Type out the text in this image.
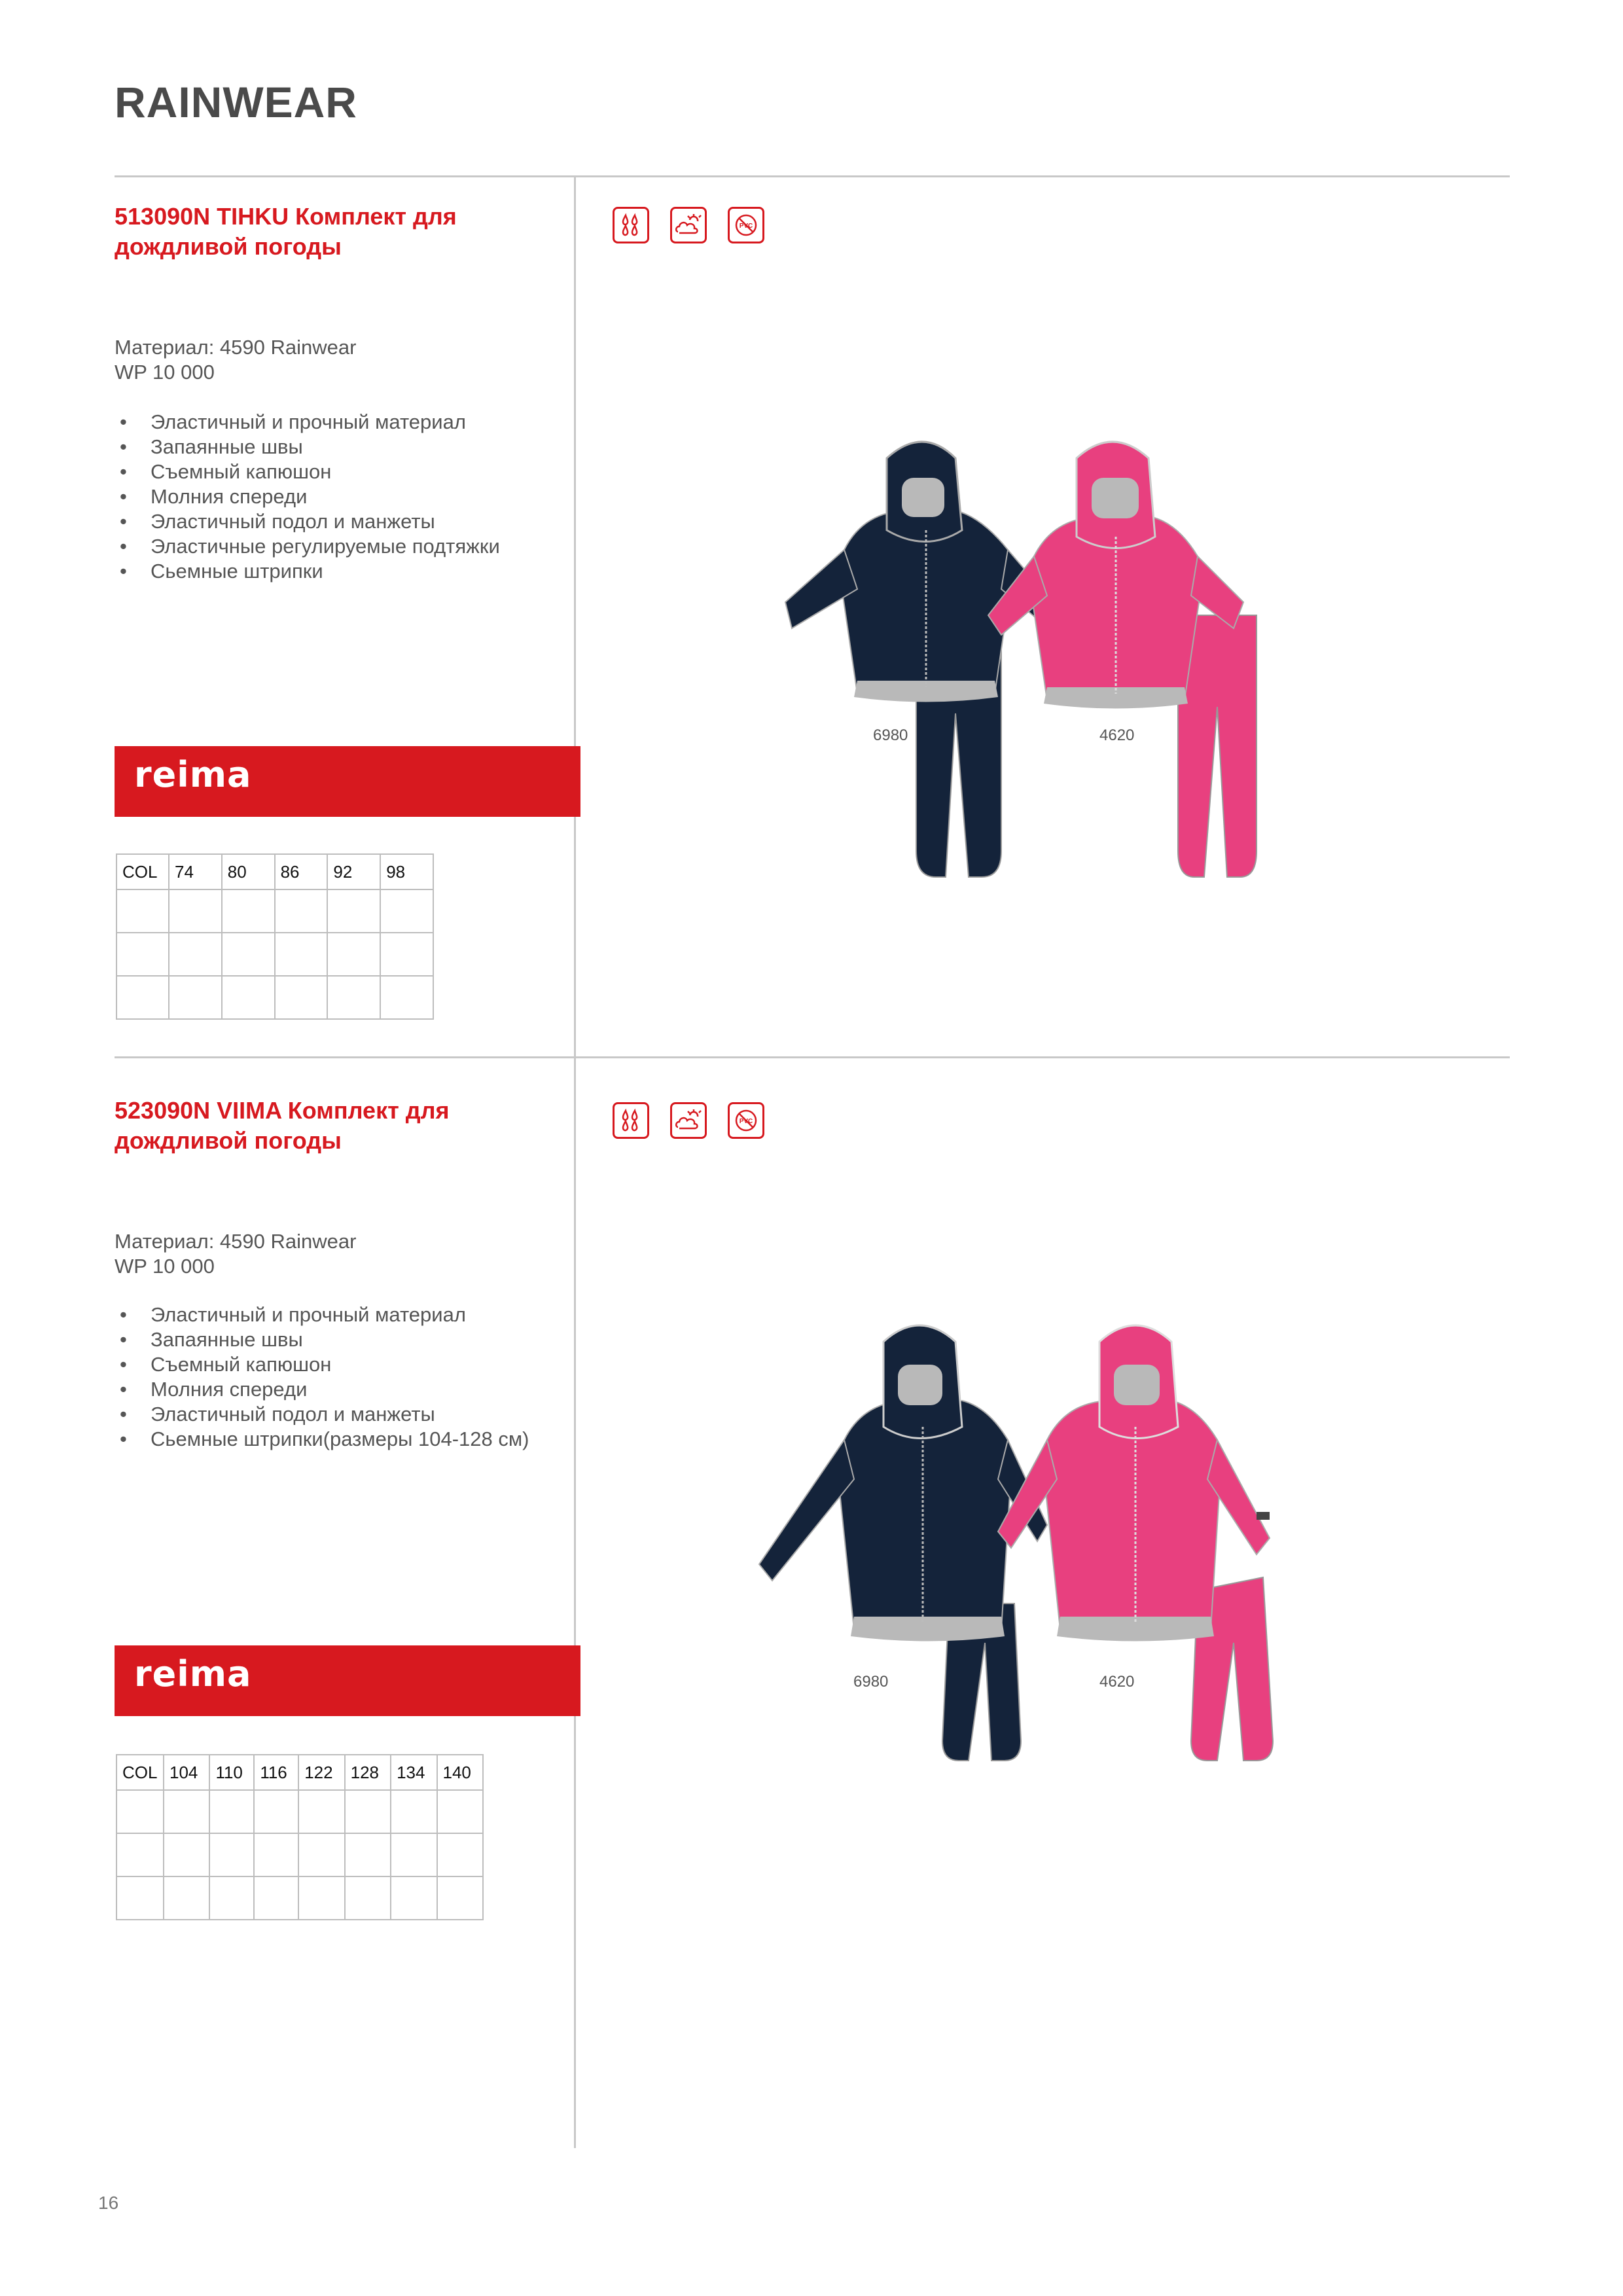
RAINWEAR
513090N TIHKU Комплект для дождливой погоды
Материал: 4590 Rainwear
WP 10 000
• Эластичный и прочный материал
• Запаянные швы
• Съемный капюшон
• Молния спереди
• Эластичный подол и манжеты
• Эластичные регулируемые подтяжки
• Сьемные штрипки
reima
COL	74	80	86	92	98

PVC
6980	4620
523090N VIIMA Комплект для дождливой погоды
Материал: 4590 Rainwear
WP 10 000
• Эластичный и прочный материал
• Запаянные швы
• Съемный капюшон
• Молния спереди
• Эластичный подол и манжеты
• Сьемные штрипки(размеры 104-128 см)
reima
COL	104	110	116	122	128	134	140

PVC
6980	4620
16
